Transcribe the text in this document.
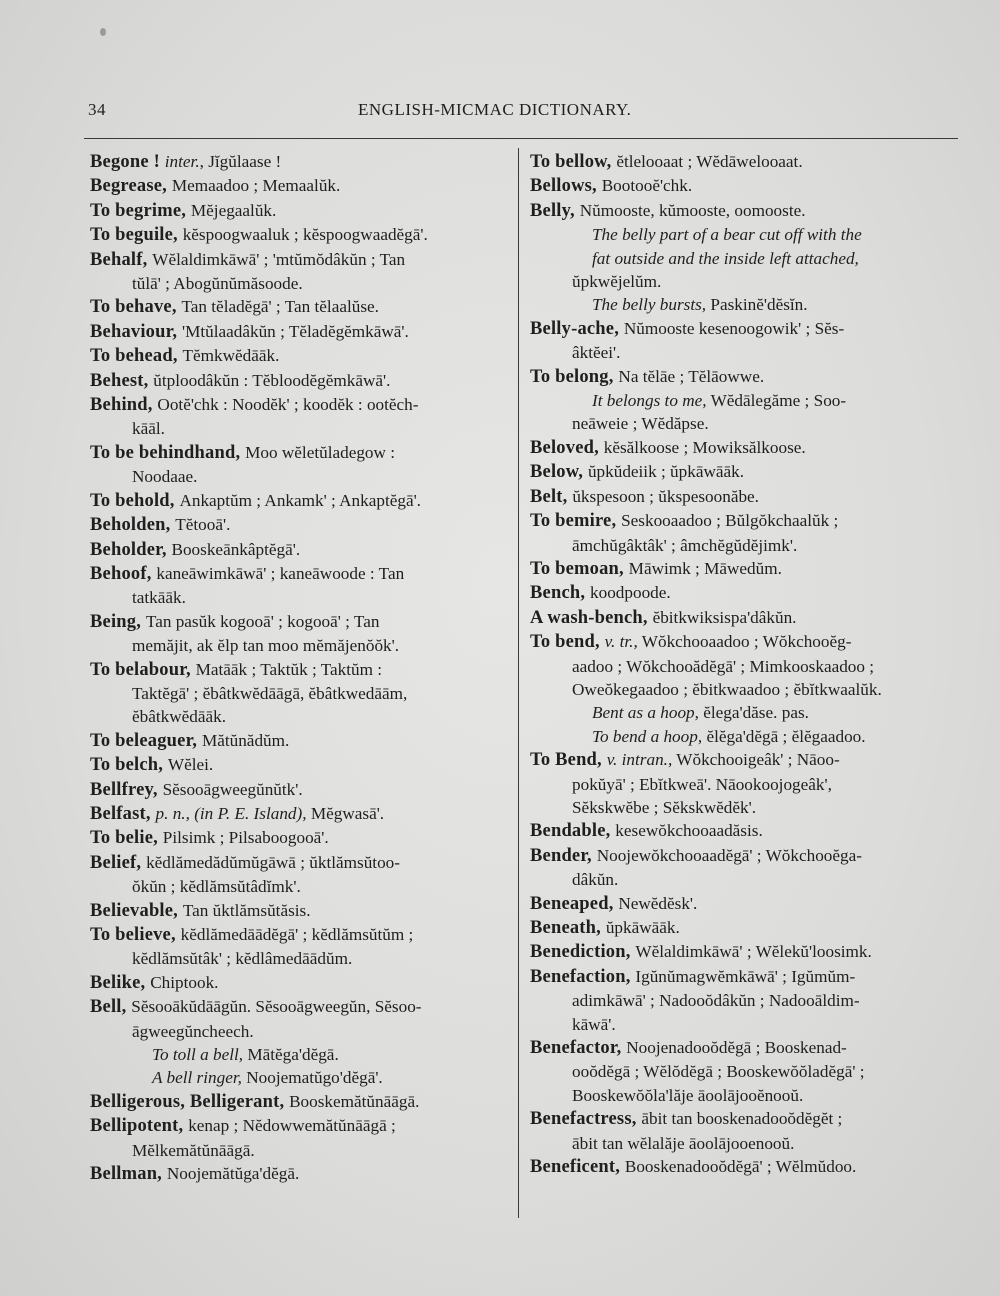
34	ENGLISH-MICMAC DICTIONARY.
Begone ! inter., Jĭgŭlaase !
Begrease, Memaadoo ; Memaalŭk.
To begrime, Mĕjegaalŭk.
To beguile, kĕspoogwaaluk ; kĕspoogwaadĕgā'.
Behalf, Wĕlaldimkāwā' ; 'mtŭmŏdâkŭn ; Tan
tŭlā' ; Abogŭnŭmăsoode.
To behave, Tan tĕladĕgā' ; Tan tĕlaalŭse.
Behaviour, 'Mtŭlaadâkŭn ; Tĕladĕgĕmkāwā'.
To behead, Tĕmkwĕdāāk.
Behest, ŭtploodâkŭn : Tĕbloodĕgĕmkāwā'.
Behind, Ootĕ'chk : Noodĕk' ; koodĕk : ootĕch-
kāāl.
To be behindhand, Moo wĕletŭladegow :
Noodaae.
To behold, Ankaptŭm ; Ankamk' ; Ankaptĕgā'.
Beholden, Tĕtooā'.
Beholder, Booskeānkâptĕgā'.
Behoof, kaneāwimkāwā' ; kaneāwoode : Tan
tatkāāk.
Being, Tan pasŭk kogooā' ; kogooā' ; Tan
memăjit, ak ĕlp tan moo mĕmăjenŏŏk'.
To belabour, Matāāk ; Taktŭk ; Taktŭm :
Taktĕgā' ; ĕbâtkwĕdāāgā, ĕbâtkwedāām,
ĕbâtkwĕdāāk.
To beleaguer, Mătŭnădŭm.
To belch, Wĕlei.
Bellfrey, Sĕsooāgweegŭnŭtk'.
Belfast, p. n., (in P. E. Island), Mĕgwasā'.
To belie, Pilsimk ; Pilsaboogooā'.
Belief, kĕdlămedădŭmŭgāwā ; ŭktlămsŭtoo-
ŏkŭn ; kĕdlămsŭtâdĭmk'.
Believable, Tan ŭktlămsŭtăsis.
To believe, kĕdlămedāādĕgā' ; kĕdlămsŭtŭm ;
kĕdlămsŭtâk' ; kĕdlâmedāādŭm.
Belike, Chiptook.
Bell, Sĕsooākŭdāāgŭn. Sĕsooāgweegŭn, Sĕsoo-
āgweegŭncheech.
To toll a bell, Mātĕga'dĕgā.
A bell ringer, Noojematŭgo'dĕgā'.
Belligerous, Belligerant, Booskemătŭnāāgā.
Bellipotent, kenap ; Nĕdowwemătŭnāāgā ;
Mĕlkemătŭnāāgā.
Bellman, Noojemătŭga'dĕgā.
To bellow, ĕtlelooaat ; Wĕdāwelooaat.
Bellows, Bootooĕ'chk.
Belly, Nŭmooste, kŭmooste, oomooste.
The belly part of a bear cut off with the
fat outside and the inside left attached,
ŭpkwĕjelŭm.
The belly bursts, Paskinĕ'dĕsĭn.
Belly-ache, Nŭmooste kesenoogowik' ; Sĕs-
âktĕei'.
To belong, Na tĕlāe ; Tĕlāowwe.
It belongs to me, Wĕdālegăme ; Soo-
neāweie ; Wĕdăpse.
Beloved, kĕsălkoose ; Mowiksălkoose.
Below, ŭpkŭdeiik ; ŭpkāwāāk.
Belt, ŭkspesoon ; ŭkspesoonăbe.
To bemire, Seskooaadoo ; Bŭlgŏkchaalŭk ;
āmchŭgâktâk' ; âmchĕgŭdĕjimk'.
To bemoan, Māwimk ; Māwedŭm.
Bench, koodpoode.
A wash-bench, ĕbitkwiksispa'dâkŭn.
To bend, v. tr., Wŏkchooaadoo ; Wŏkchooĕg-
aadoo ; Wŏkchooădĕgā' ; Mimkooskaadoo ;
Oweŏkegaadoo ; ĕbitkwaadoo ; ĕbĭtkwaalŭk.
Bent as a hoop, ĕlega'dăse. pas.
To bend a hoop, ĕlĕga'dĕgā ; ĕlĕgaadoo.
To Bend, v. intran., Wŏkchooigeâk' ; Nāoo-
pokŭyā' ; Ebĭtkweā'. Nāookoojogeâk',
Sĕkskwĕbe ; Sĕkskwĕdĕk'.
Bendable, kesewŏkchooaadăsis.
Bender, Noojewŏkchooaadĕgā' ; Wŏkchooĕga-
dâkŭn.
Beneaped, Newĕdĕsk'.
Beneath, ŭpkāwāāk.
Benediction, Wĕlaldimkāwā' ; Wĕlekŭ'loosimk.
Benefaction, Igŭnŭmagwĕmkāwā' ; Igŭmŭm-
adimkāwā' ; Nadooŏdâkŭn ; Nadooāldim-
kāwā'.
Benefactor, Noojenadooŏdĕgā ; Booskenad-
ooŏdĕgā ; Wĕlŏdĕgā ; Booskewŏŏladĕgā' ;
Booskewŏŏla'lăje āoolājooĕnooŭ.
Benefactress, ābit tan booskenadooŏdĕgĕt ;
ābit tan wĕlalăje āoolājooenooŭ.
Beneficent, Booskenadooŏdĕgā' ; Wĕlmŭdoo.
